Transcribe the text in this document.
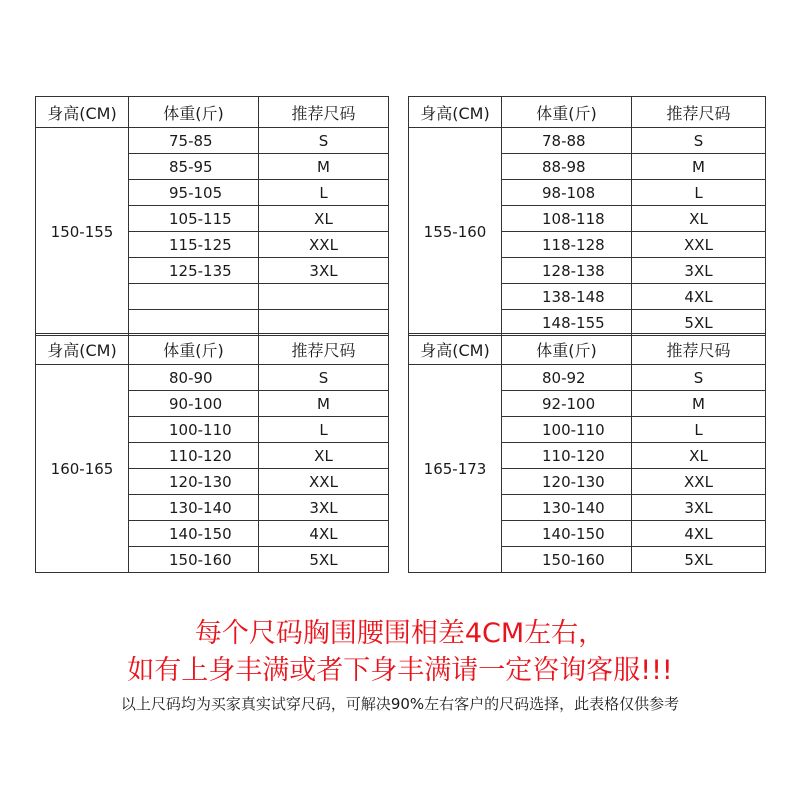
身高(CM)	体重(斤)	推荐尺码
150-155	75-85	S
	85-95	M
	95-105	L
	105-115	XL
	115-125	XXL
	125-135	3XL

身高(CM)	体重(斤)	推荐尺码
155-160	78-88	S
	88-98	M
	98-108	L
	108-118	XL
	118-128	XXL
	128-138	3XL
	138-148	4XL
	148-155	5XL
身高(CM)	体重(斤)	推荐尺码
160-165	80-90	S
	90-100	M
	100-110	L
	110-120	XL
	120-130	XXL
	130-140	3XL
	140-150	4XL
	150-160	5XL
身高(CM)	体重(斤)	推荐尺码
165-173	80-92	S
	92-100	M
	100-110	L
	110-120	XL
	120-130	XXL
	130-140	3XL
	140-150	4XL
	150-160	5XL
每个尺码胸围腰围相差4CM左右，
如有上身丰满或者下身丰满请一定咨询客服!!!
以上尺码均为买家真实试穿尺码，可解决90%左右客户的尺码选择，此表格仅供参考
